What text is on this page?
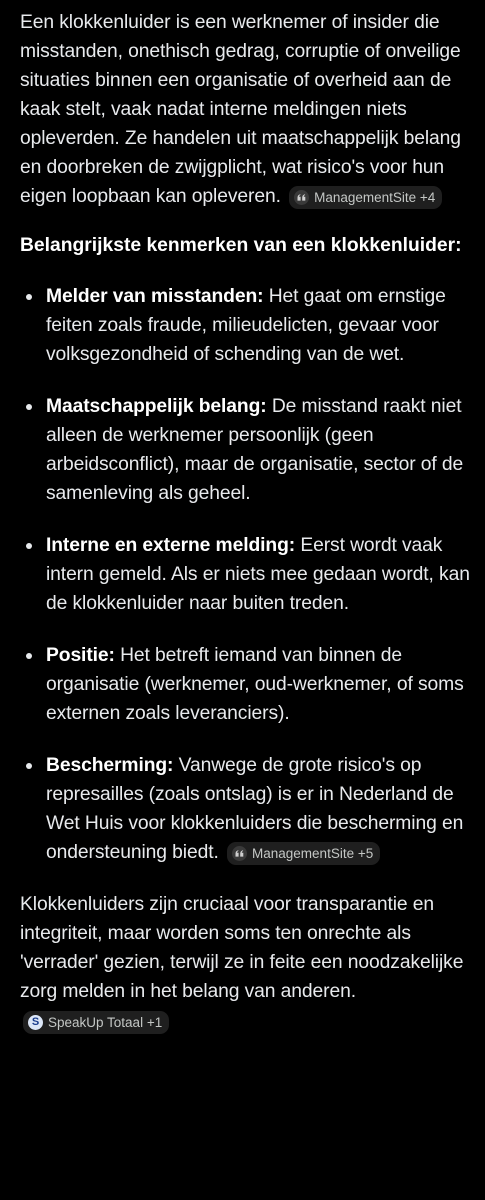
Een klokkenluider is een werknemer of insider die misstanden, onethisch gedrag, corruptie of onveilige situaties binnen een organisatie of overheid aan de kaak stelt, vaak nadat interne meldingen niets opleverden. Ze handelen uit maatschappelijk belang en doorbreken de zwijgplicht, wat risico's voor hun eigen loopbaan kan opleveren. ManagementSite +4

Belangrijkste kenmerken van een klokkenluider:
Melder van misstanden: Het gaat om ernstige feiten zoals fraude, milieudelicten, gevaar voor volksgezondheid of schending van de wet.
Maatschappelijk belang: De misstand raakt niet alleen de werknemer persoonlijk (geen arbeidsconflict), maar de organisatie, sector of de samenleving als geheel.
Interne en externe melding: Eerst wordt vaak intern gemeld. Als er niets mee gedaan wordt, kan de klokkenluider naar buiten treden.
Positie: Het betreft iemand van binnen de organisatie (werknemer, oud-werknemer, of soms externen zoals leveranciers).
Bescherming: Vanwege de grote risico's op represailles (zoals ontslag) is er in Nederland de Wet Huis voor klokkenluiders die bescherming en ondersteuning biedt. ManagementSite +5

Klokkenluiders zijn cruciaal voor transparantie en integriteit, maar worden soms ten onrechte als 'verrader' gezien, terwijl ze in feite een noodzakelijke zorg melden in het belang van anderen.
S SpeakUp Totaal +1
